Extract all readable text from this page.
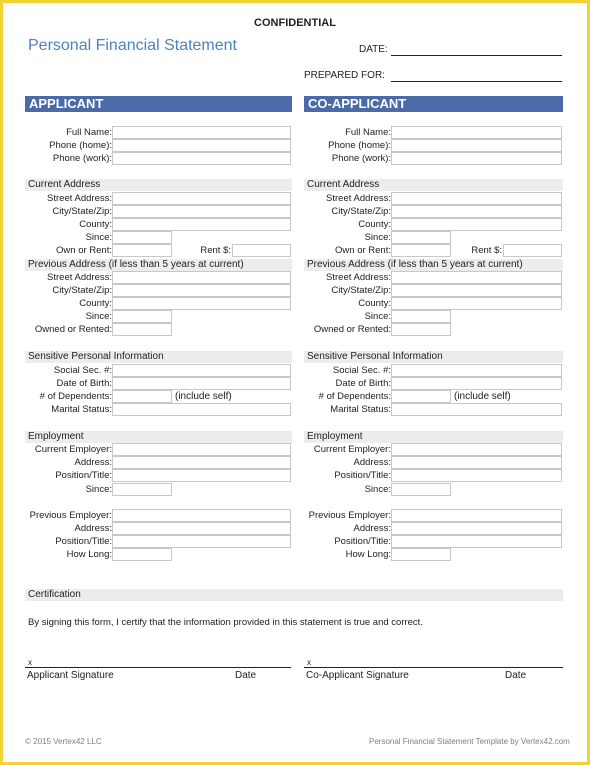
CONFIDENTIAL
Personal Financial Statement	DATE:
PREPARED FOR:
APPLICANT
Full Name:
Phone (home):
Phone (work):
Current Address
Street Address:
City/State/Zip:
County:
Since:
Own or Rent:	Rent $:
Previous Address (if less than 5 years at current)
Street Address:
City/State/Zip:
County:
Since:
Owned or Rented:
Sensitive Personal Information
Social Sec. #:
Date of Birth:
# of Dependents:	(include self)
Marital Status:
Employment
Current Employer:
Address:
Position/Title:
Since:
Previous Employer:
Address:
Position/Title:
How Long:
CO-APPLICANT
Full Name:
Phone (home):
Phone (work):
Current Address
Street Address:
City/State/Zip:
County:
Since:
Own or Rent:	Rent $:
Previous Address (if less than 5 years at current)
Street Address:
City/State/Zip:
County:
Since:
Owned or Rented:
Sensitive Personal Information
Social Sec. #:
Date of Birth:
# of Dependents:	(include self)
Marital Status:
Employment
Current Employer:
Address:
Position/Title:
Since:
Previous Employer:
Address:
Position/Title:
How Long:
Certification
By signing this form, I certify that the information provided in this statement is true and correct.
x
Applicant Signature	Date
x
Co-Applicant Signature	Date
© 2015 Vertex42 LLC	Personal Financial Statement Template by Vertex42.com
